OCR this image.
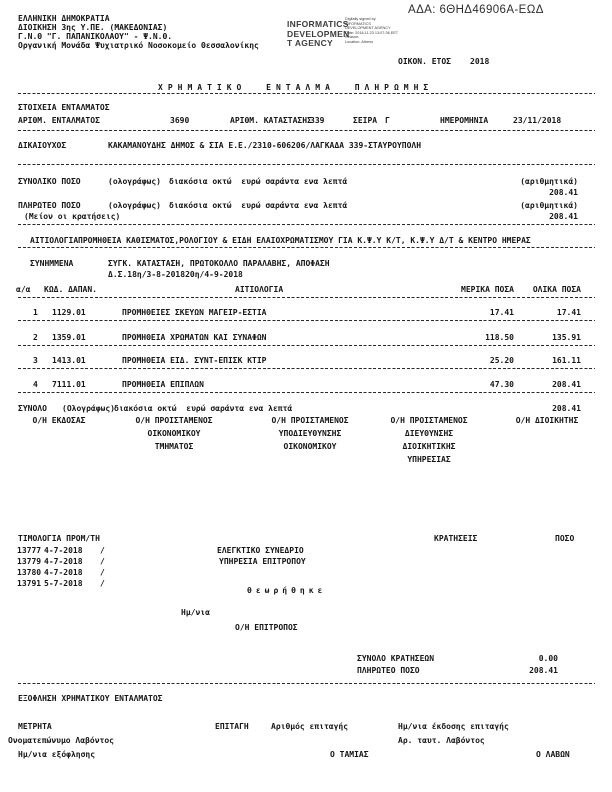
ΑΔΑ: 6ΘΗΔ46906Α-ΕΩΔ
ΕΛΛΗΝΙΚΗ ΔΗΜΟΚΡΑΤΙΑ
ΔΙΟΙΚΗΣΗ 3ης Υ.ΠΕ. (ΜΑΚΕΔΟΝΙΑΣ)
Γ.Ν.Θ "Γ. ΠΑΠΑΝΙΚΟΛΑΟΥ" - Ψ.Ν.Θ.
Οργανική Μονάδα Ψυχιατρικό Νοσοκομείο Θεσσαλονίκης
INFORMATICS
DEVELOPMEN
T AGENCY
Digitally signed by
INFORMATICS
DEVELOPMENT AGENCY
Date: 2018.11.23 13:07:36 EET
Reason:
Location: Athens
ΟΙΚΟΝ. ΕΤΟΣ 2018
ΧΡΗΜΑΤΙΚΟ ΕΝΤΑΛΜΑ ΠΛΗΡΩΜΗΣ
ΣΤΟΙΧΕΙΑ ΕΝΤΑΛΜΑΤΟΣ
ΑΡΙΘΜ. ΕΝΤΑΛΜΑΤΟΣ	3690	ΑΡΙΘΜ. ΚΑΤΑΣΤΑΣΗΣ
339	ΣΕΙΡΑ Γ	ΗΜΕΡΟΜΗΝΙΑ	23/11/2018
ΔΙΚΑΙΟΥΧΟΣ	ΚΑΚΑΜΑΝΟΥΔΗΣ ΔΗΜΟΣ & ΣΙΑ Ε.Ε./2310-606206/ΛΑΓΚΑΔΑ 339-ΣΤΑΥΡΟΥΠΟΛΗ
ΣΥΝΟΛΙΚΟ ΠΟΣΟ	(ολογράφως) διακόσια οκτώ  ευρώ σαράντα ενα λεπτά	(αριθμητικά)
208.41
ΠΛΗΡΩΤΕΟ ΠΟΣΟ	(ολογράφως) διακόσια οκτώ  ευρώ σαράντα ενα λεπτά	(αριθμητικά)
(Μείον οι κρατήσεις)	208.41
ΑΙΤΙΟΛΟΓΙΑ ΠΡΟΜΗΘΕΙΑ ΚΑΘΙΣΜΑΤΟΣ,ΡΟΛΟΓΙΟΥ & ΕΙΔΗ ΕΛΑΙΟΧΡΩΜΑΤΙΣΜΟΥ ΓΙΑ Κ.Ψ.Υ Κ/Τ, Κ.Ψ.Υ Δ/Τ & ΚΕΝΤΡΟ ΗΜΕΡΑΣ
ΣΥΝΗΜΜΕΝΑ	ΣΥΓΚ. ΚΑΤΑΣΤΑΣΗ, ΠΡΩΤΟΚΟΛΛΟ ΠΑΡΑΛΑΒΗΣ, ΑΠΟΦΑΣΗ
Δ.Σ.18η/3-8-201820η/4-9-2018
α/α ΚΩΔ. ΔΑΠΑΝ.	ΑΙΤΙΟΛΟΓΙΑ	ΜΕΡΙΚΑ ΠΟΣΑ	ΟΛΙΚΑ ΠΟΣΑ
1 1129.01	ΠΡΟΜΗΘΕΙΕΣ ΣΚΕΥΩΝ ΜΑΓΕΙΡ-ΕΣΤΙΑ	17.41	17.41
2 1359.01	ΠΡΟΜΗΘΕΙΑ ΧΡΩΜΑΤΩΝ ΚΑΙ ΣΥΝΑΦΩΝ	118.50	135.91
3 1413.01	ΠΡΟΜΗΘΕΙΑ ΕΙΔ. ΣΥΝΤ-ΕΠΙΣΚ ΚΤΙΡ	25.20	161.11
4 7111.01	ΠΡΟΜΗΘΕΙΑ ΕΠΙΠΛΩΝ	47.30	208.41
ΣΥΝΟΛΟ (Ολογράφως) διακόσια οκτώ  ευρώ σαράντα ενα λεπτά	208.41
Ο/Η ΕΚΔΟΣΑΣ	Ο/Η ΠΡΟΙΣΤΑΜΕΝΟΣ
ΟΙΚΟΝΟΜΙΚΟΥ
ΤΜΗΜΑΤΟΣ
Ο/Η ΠΡΟΙΣΤΑΜΕΝΟΣ
ΥΠΟΔΙΕΥΘΥΝΣΗΣ
ΟΙΚΟΝΟΜΙΚΟΥ
Ο/Η ΠΡΟΙΣΤΑΜΕΝΟΣ
ΔΙΕΥΘΥΝΣΗΣ
ΔΙΟΙΚΗΤΙΚΗΣ
ΥΠΗΡΕΣΙΑΣ
Ο/Η ΔΙΟΙΚΗΤΗΣ
ΤΙΜΟΛΟΓΙΑ ΠΡΟΜ/ΤΗ	ΚΡΑΤΗΣΕΙΣ	ΠΟΣΟ
13777 4-7-2018 /
13779 4-7-2018 /
13780 4-7-2018 /
13791 5-7-2018 /
ΕΛΕΓΚΤΙΚΟ ΣΥΝΕΔΡΙΟ
ΥΠΗΡΕΣΙΑ ΕΠΙΤΡΟΠΟΥ
θεωρήθηκε
Ημ/νια
Ο/Η ΕΠΙΤΡΟΠΟΣ
ΣΥΝΟΛΟ ΚΡΑΤΗΣΕΩΝ	0.00
ΠΛΗΡΩΤΕΟ ΠΟΣΟ	208.41
ΕΞΟΦΛΗΣΗ ΧΡΗΜΑΤΙΚΟΥ ΕΝΤΑΛΜΑΤΟΣ
ΜΕΤΡΗΤΑ	ΕΠΙΤΑΓΗ	Αριθμός επιταγής	Ημ/νια έκδοσης επιταγής
Ονοματεπώνυμο Λαβόντος	Αρ. ταυτ. Λαβόντος
Ημ/νια εξόφλησης	Ο ΤΑΜΙΑΣ	Ο ΛΑΒΩΝ
